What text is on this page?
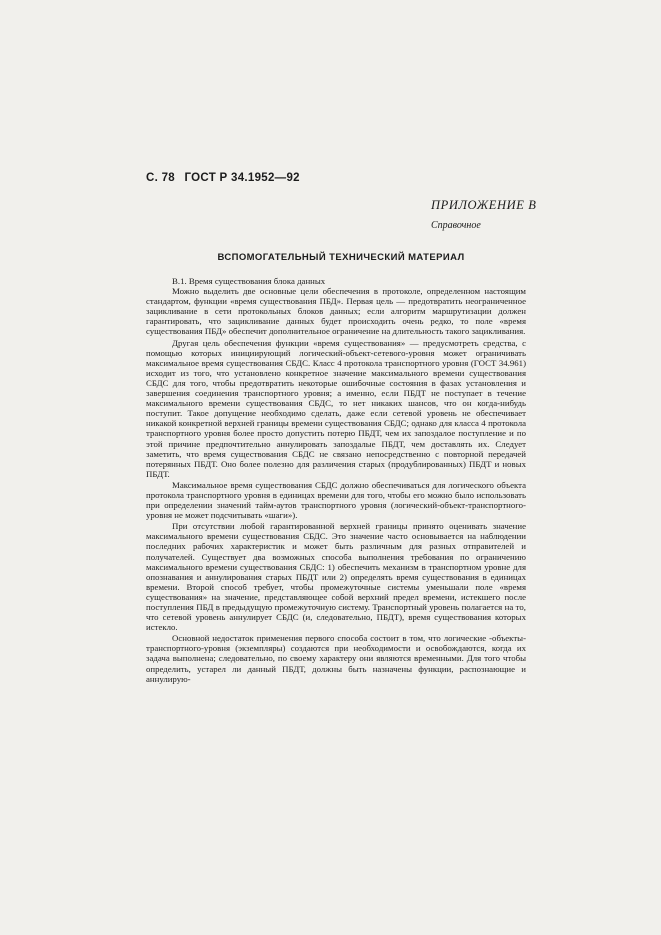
С. 78 ГОСТ Р 34.1952—92
ПРИЛОЖЕНИЕ В
Справочное
ВСПОМОГАТЕЛЬНЫЙ ТЕХНИЧЕСКИЙ МАТЕРИАЛ

В.1. Время существования блока данных

Можно выделить две основные цели обеспечения в протоколе, определенном настоящим стандартом, функции «время существования ПБД». Первая цель — предотвратить неограниченное зацикливание в сети протокольных блоков данных; если алгоритм маршрутизации должен гарантировать, что зацикливание данных будет происходить очень редко, то поле «время существования ПБД» обеспечит дополнительное ограничение на длительность такого зацикливания.

Другая цель обеспечения функции «время существования» — предусмотреть средства, с помощью которых инициирующий логический-объект-сетевого-уровня может ограничивать максимальное время существования СБДС. Класс 4 протокола транспортного уровня (ГОСТ 34.961) исходит из того, что установлено конкретное значение максимального времени существования СБДС для того, чтобы предотвратить некоторые ошибочные состояния в фазах установления и завершения соединения транспортного уровня; а именно, если ПБДТ не поступает в течение максимального времени существования СБДС, то нет никаких шансов, что он когда-нибудь поступит. Такое допущение необходимо сделать, даже если сетевой уровень не обеспечивает никакой конкретной верхней границы времени существования СБДС; однако для класса 4 протокола транспортного уровня более просто допустить потерю ПБДТ, чем их запоздалое поступление и по этой причине предпочтительно аннулировать запоздалые ПБДТ, чем доставлять их. Следует заметить, что время существования СБДС не связано непосредственно с повторной передачей потерянных ПБДТ. Оно более полезно для различения старых (продублированных) ПБДТ и новых ПБДТ.

Максимальное время существования СБДС должно обеспечиваться для логического объекта протокола транспортного уровня в единицах времени для того, чтобы его можно было использовать при определении значений тайм-аутов транспортного уровня (логический-объект-транспортного-уровня не может подсчитывать «шаги»).

При отсутствии любой гарантированной верхней границы принято оценивать значение максимального времени существования СБДС. Это значение часто основывается на наблюдении последних рабочих характеристик и может быть различным для разных отправителей и получателей. Существует два возможных способа выполнения требования по ограничению максимального времени существования СБДС: 1) обеспечить механизм в транспортном уровне для опознавания и аннулирования старых ПБДТ или 2) определять время существования в единицах времени. Второй способ требует, чтобы промежуточные системы уменьшали поле «время существования» на значение, представляющее собой верхний предел времени, истекшего после поступления ПБД в предыдущую промежуточную систему. Транспортный уровень полагается на то, что сетевой уровень аннулирует СБДС (и, следовательно, ПБДТ), время существования которых истекло.

Основной недостаток применения первого способа состоит в том, что логические -объекты-транспортного-уровня (экземпляры) создаются при необходимости и освобождаются, когда их задача выполнена; следовательно, по своему характеру они являются временными. Для того чтобы определить, устарел ли данный ПБДТ, должны быть назначены функции, распознающие и аннулирую-
